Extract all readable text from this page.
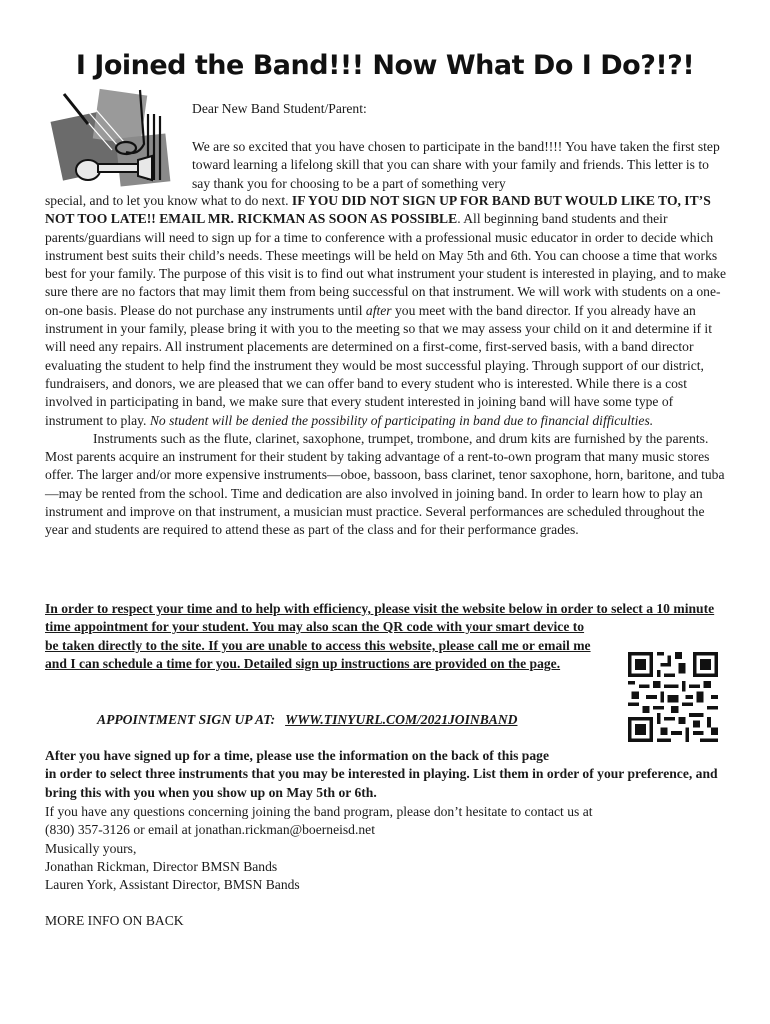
I Joined the Band!!! Now What Do I Do?!?!

Dear New Band Student/Parent:

We are so excited that you have chosen to participate in the band!!!! You have taken the first step toward learning a lifelong skill that you can share with your family and friends. This letter is to say thank you for choosing to be a part of something very

special, and to let you know what to do next. IF YOU DID NOT SIGN UP FOR BAND BUT WOULD LIKE TO, IT’S NOT TOO LATE!! EMAIL MR. RICKMAN AS SOON AS POSSIBLE. All beginning band students and their parents/guardians will need to sign up for a time to conference with a professional music educator in order to decide which instrument best suits their child’s needs. These meetings will be held on May 5th and 6th. You can choose a time that works best for your family. The purpose of this visit is to find out what instrument your student is interested in playing, and to make sure there are no factors that may limit them from being successful on that instrument. We will work with students on a one-on-one basis. Please do not purchase any instruments until after you meet with the band director. If you already have an instrument in your family, please bring it with you to the meeting so that we may assess your child on it and determine if it will need any repairs. All instrument placements are determined on a first-come, first-served basis, with a band director evaluating the student to help find the instrument they would be most successful playing. Through support of our district, fundraisers, and donors, we are pleased that we can offer band to every student who is interested. While there is a cost involved in participating in band, we make sure that every student interested in joining band will have some type of instrument to play. No student will be denied the possibility of participating in band due to financial difficulties.

Instruments such as the flute, clarinet, saxophone, trumpet, trombone, and drum kits are furnished by the parents. Most parents acquire an instrument for their student by taking advantage of a rent-to-own program that many music stores offer. The larger and/or more expensive instruments—oboe, bassoon, bass clarinet, tenor saxophone, horn, baritone, and tuba—may be rented from the school. Time and dedication are also involved in joining band. In order to learn how to play an instrument and improve on that instrument, a musician must practice. Several performances are scheduled throughout the year and students are required to attend these as part of the class and for their performance grades.

In order to respect your time and to help with efficiency, please visit the website below in order to select a 10 minute time appointment for your student. You may also scan the QR code with your smart device to

be taken directly to the site. If you are unable to access this website, please call me or email me and I can schedule a time for you. Detailed sign up instructions are provided on the page.

APPOINTMENT SIGN UP AT: WWW.TINYURL.COM/2021JOINBAND

After you have signed up for a time, please use the information on the back of this page

in order to select three instruments that you may be interested in playing. List them in order of your preference, and bring this with you when you show up on May 5th or 6th.

If you have any questions concerning joining the band program, please don’t hesitate to contact us at

(830) 357-3126 or email at jonathan.rickman@boerneisd.net

Musically yours,

Jonathan Rickman, Director BMSN Bands

Lauren York, Assistant Director, BMSN Bands

MORE INFO ON BACK
